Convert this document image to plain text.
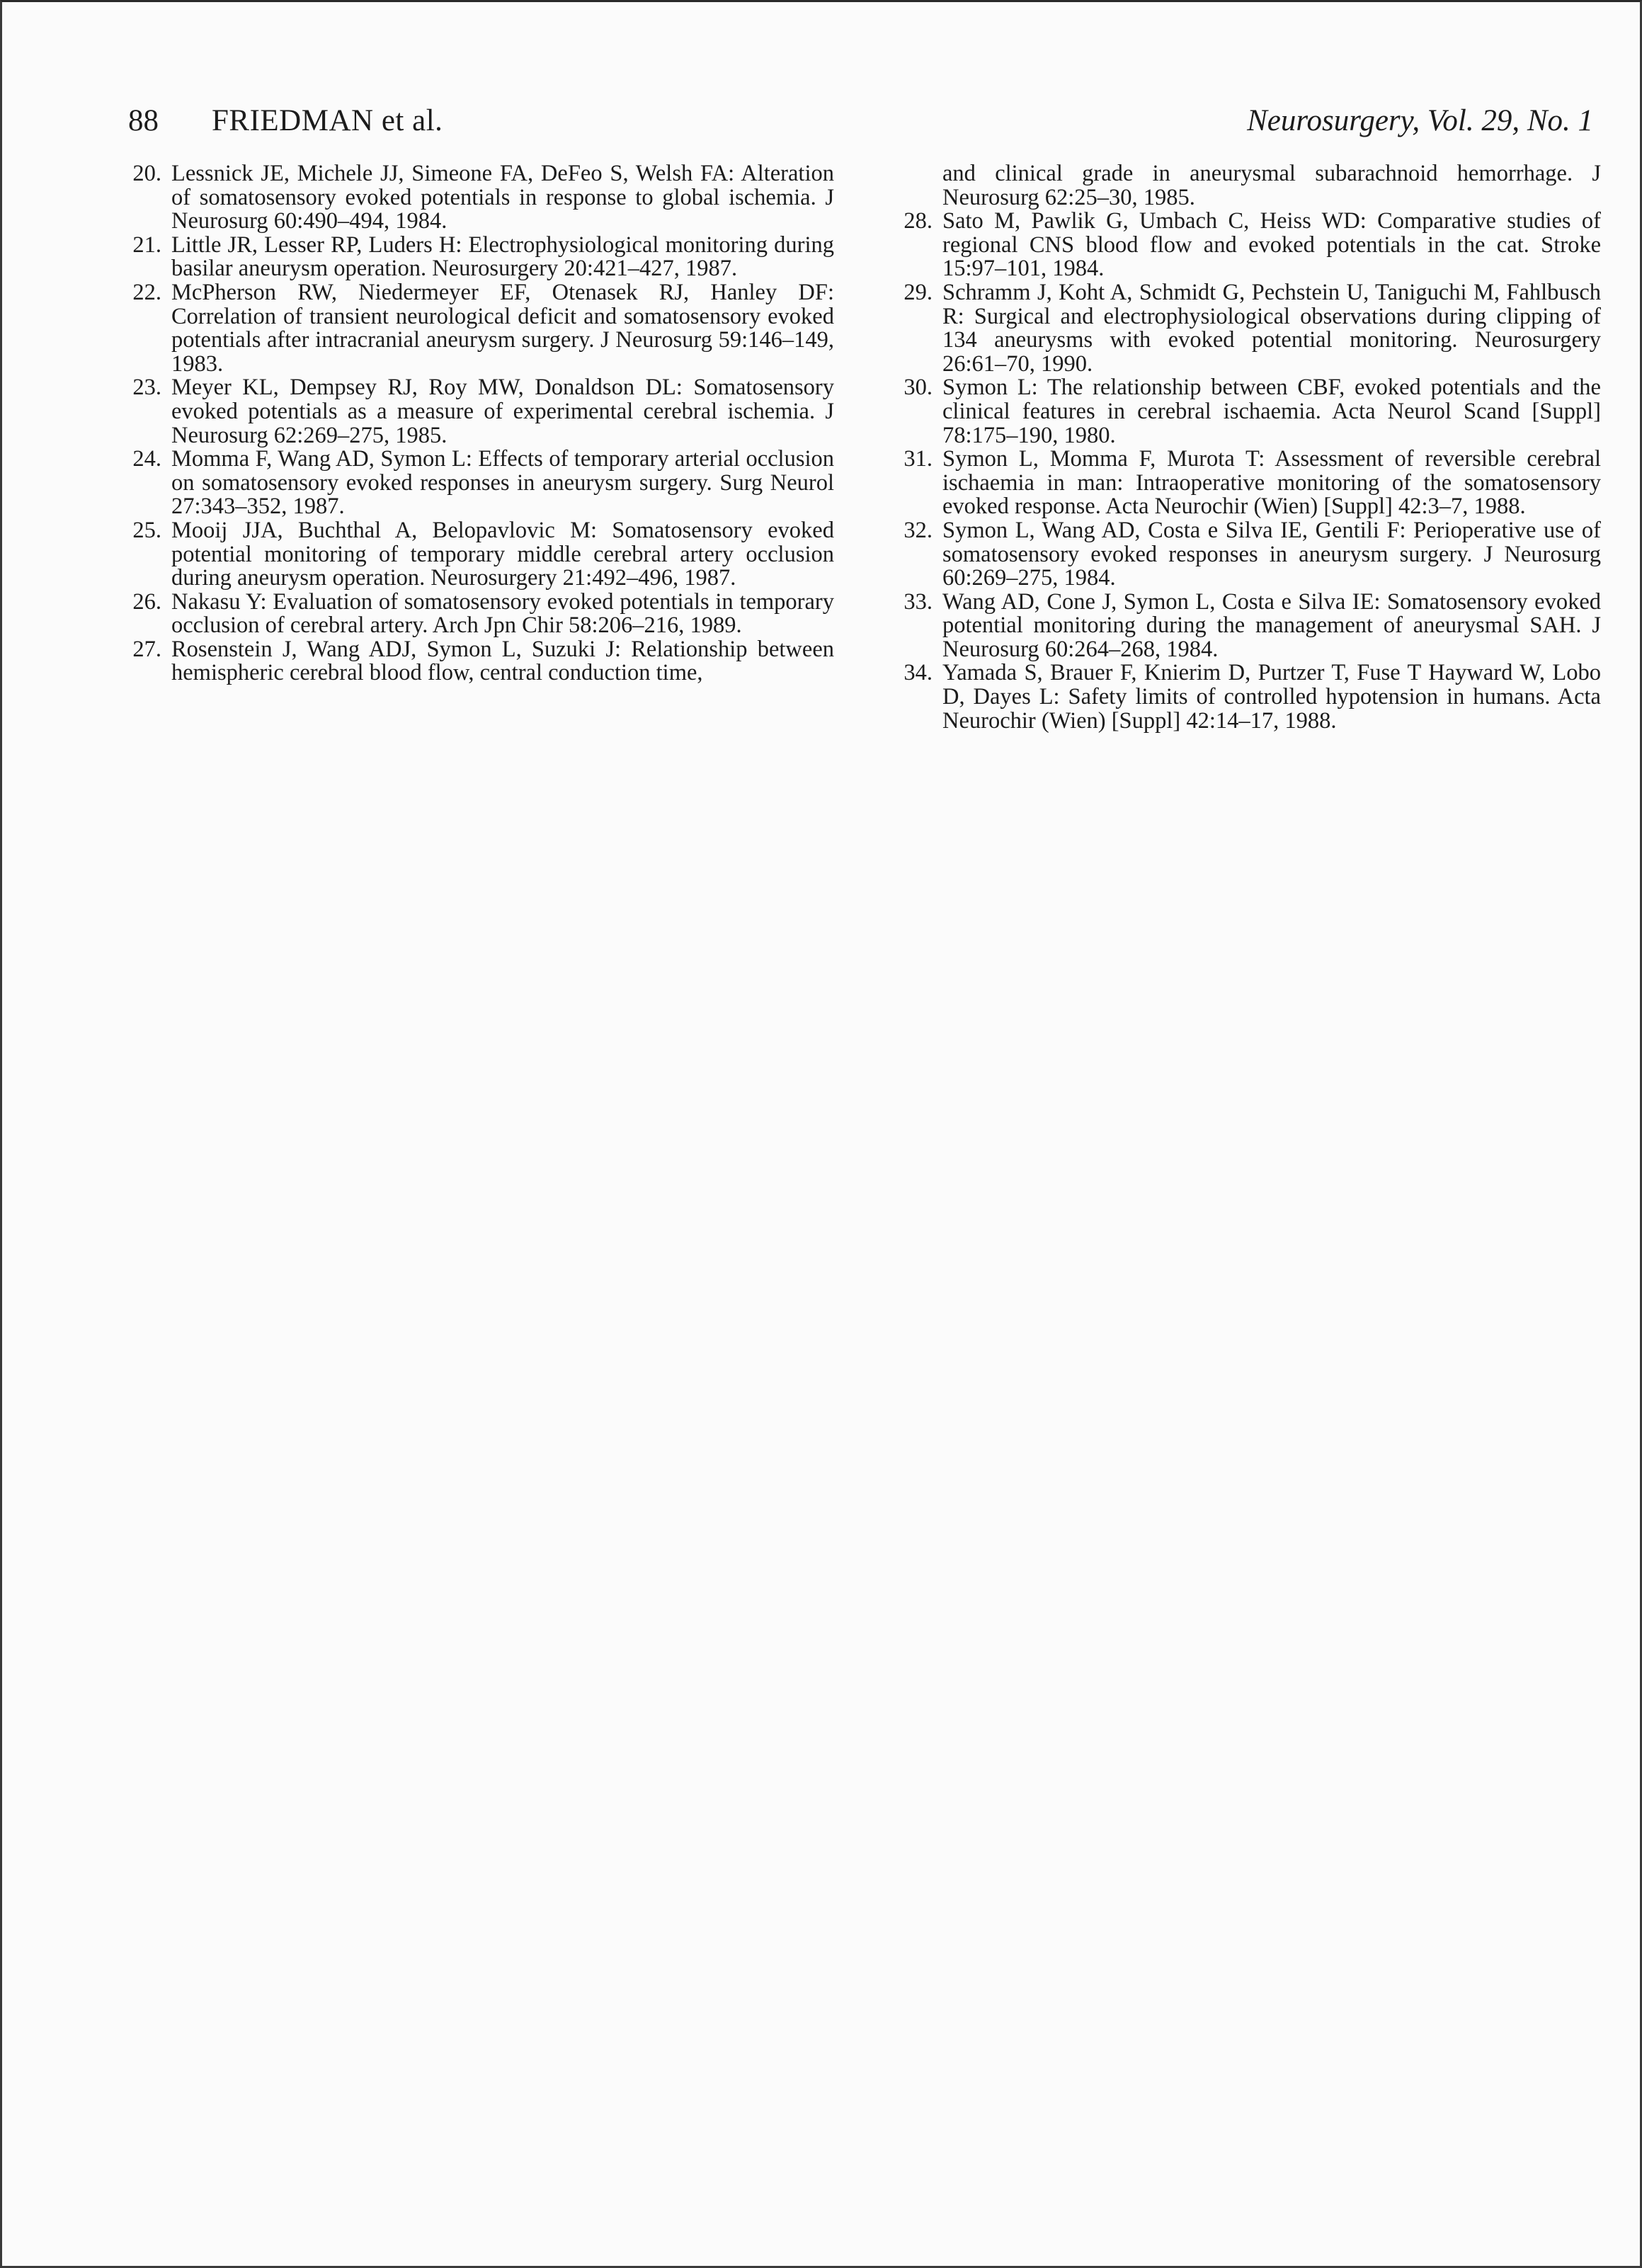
88 FRIEDMAN et al.	Neurosurgery, Vol. 29, No. 1
20. Lessnick JE, Michele JJ, Simeone FA, DeFeo S, Welsh FA: Alteration of somatosensory evoked potentials in response to global ischemia. J Neurosurg 60:490–494, 1984.
21. Little JR, Lesser RP, Luders H: Electrophysiological monitoring during basilar aneurysm operation. Neurosurgery 20:421–427, 1987.
22. McPherson RW, Niedermeyer EF, Otenasek RJ, Hanley DF: Correlation of transient neurological deficit and somatosensory evoked potentials after intracranial aneurysm surgery. J Neurosurg 59:146–149, 1983.
23. Meyer KL, Dempsey RJ, Roy MW, Donaldson DL: Somatosensory evoked potentials as a measure of experimental cerebral ischemia. J Neurosurg 62:269–275, 1985.
24. Momma F, Wang AD, Symon L: Effects of temporary arterial occlusion on somatosensory evoked responses in aneurysm surgery. Surg Neurol 27:343–352, 1987.
25. Mooij JJA, Buchthal A, Belopavlovic M: Somatosensory evoked potential monitoring of temporary middle cerebral artery occlusion during aneurysm operation. Neurosurgery 21:492–496, 1987.
26. Nakasu Y: Evaluation of somatosensory evoked potentials in temporary occlusion of cerebral artery. Arch Jpn Chir 58:206–216, 1989.
27. Rosenstein J, Wang ADJ, Symon L, Suzuki J: Relationship between hemispheric cerebral blood flow, central conduction time,
and clinical grade in aneurysmal subarachnoid hemorrhage. J Neurosurg 62:25–30, 1985.
28. Sato M, Pawlik G, Umbach C, Heiss WD: Comparative studies of regional CNS blood flow and evoked potentials in the cat. Stroke 15:97–101, 1984.
29. Schramm J, Koht A, Schmidt G, Pechstein U, Taniguchi M, Fahlbusch R: Surgical and electrophysiological observations during clipping of 134 aneurysms with evoked potential monitoring. Neurosurgery 26:61–70, 1990.
30. Symon L: The relationship between CBF, evoked potentials and the clinical features in cerebral ischaemia. Acta Neurol Scand [Suppl] 78:175–190, 1980.
31. Symon L, Momma F, Murota T: Assessment of reversible cerebral ischaemia in man: Intraoperative monitoring of the somatosensory evoked response. Acta Neurochir (Wien) [Suppl] 42:3–7, 1988.
32. Symon L, Wang AD, Costa e Silva IE, Gentili F: Perioperative use of somatosensory evoked responses in aneurysm surgery. J Neurosurg 60:269–275, 1984.
33. Wang AD, Cone J, Symon L, Costa e Silva IE: Somatosensory evoked potential monitoring during the management of aneurysmal SAH. J Neurosurg 60:264–268, 1984.
34. Yamada S, Brauer F, Knierim D, Purtzer T, Fuse T Hayward W, Lobo D, Dayes L: Safety limits of controlled hypotension in humans. Acta Neurochir (Wien) [Suppl] 42:14–17, 1988.
